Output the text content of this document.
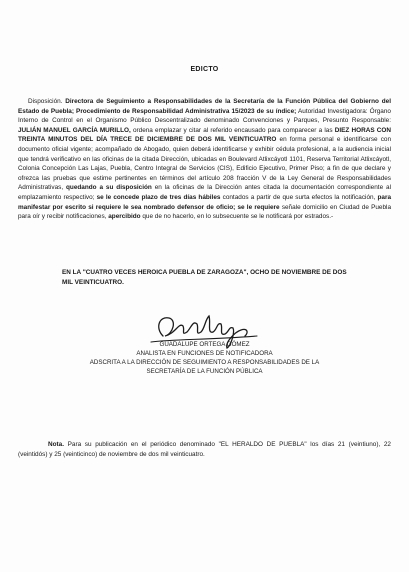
EDICTO

Disposición. Directora de Seguimiento a Responsabilidades de la Secretaría de la Función Pública del Gobierno del Estado de Puebla; Procedimiento de Responsabilidad Administrativa 15/2023 de su índice; Autoridad Investigadora: Órgano Interno de Control en el Organismo Público Descentralizado denominado Convenciones y Parques, Presunto Responsable: JULIÁN MANUEL GARCÍA MURILLO, ordena emplazar y citar al referido encausado para comparecer a las DIEZ HORAS CON TREINTA MINUTOS DEL DÍA TRECE DE DICIEMBRE DE DOS MIL VEINTICUATRO en forma personal e identificarse con documento oficial vigente; acompañado de Abogado, quien deberá identificarse y exhibir cédula profesional, a la audiencia inicial que tendrá verificativo en las oficinas de la citada Dirección, ubicadas en Boulevard Atlixcáyotl 1101, Reserva Territorial Atlixcáyotl, Colonia Concepción Las Lajas, Puebla, Centro Integral de Servicios (CIS), Edificio Ejecutivo, Primer Piso; a fin de que declare y ofrezca las pruebas que estime pertinentes en términos del artículo 208 fracción V de la Ley General de Responsabilidades Administrativas, quedando a su disposición en la oficinas de la Dirección antes citada la documentación correspondiente al emplazamiento respectivo; se le concede plazo de tres días hábiles contados a partir de que surta efectos la notificación, para manifestar por escrito si requiere le sea nombrado defensor de oficio; se le requiere señale domicilio en Ciudad de Puebla para oír y recibir notificaciones, apercibido que de no hacerlo, en lo subsecuente se le notificará por estrados.-

EN LA "CUATRO VECES HEROICA PUEBLA DE ZARAGOZA", OCHO DE NOVIEMBRE DE DOS MIL VEINTICUATRO.
GUADALUPE ORTEGA GÓMEZ
ANALISTA EN FUNCIONES DE NOTIFICADORA
ADSCRITA A LA DIRECCIÓN DE SEGUIMIENTO A RESPONSABILIDADES DE LA
SECRETARÍA DE LA FUNCIÓN PÚBLICA

Nota. Para su publicación en el periódico denominado "EL HERALDO DE PUEBLA" los días 21 (veintiuno), 22 (veintidós) y 25 (veinticinco) de noviembre de dos mil veinticuatro.
